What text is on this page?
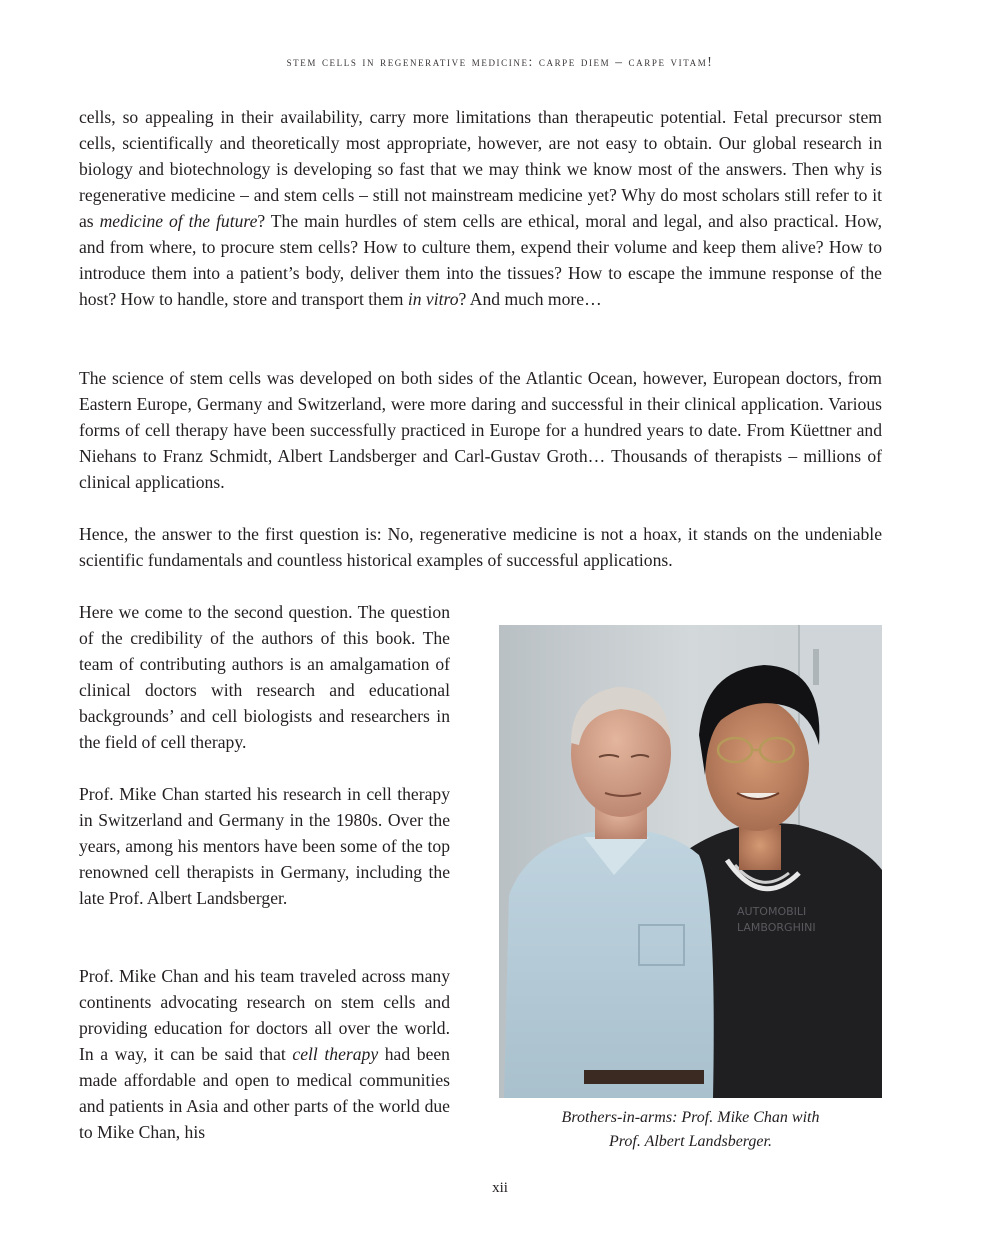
stem cells in regenerative medicine: carpe diem – carpe vitam!

cells, so appealing in their availability, carry more limitations than therapeutic potential. Fetal precursor stem cells, scientifically and theoretically most appropriate, however, are not easy to obtain. Our global research in biology and biotechnology is developing so fast that we may think we know most of the answers. Then why is regenerative medicine – and stem cells – still not mainstream medicine yet? Why do most scholars still refer to it as medicine of the future? The main hurdles of stem cells are ethical, moral and legal, and also practical. How, and from where, to procure stem cells? How to culture them, expend their volume and keep them alive? How to introduce them into a patient’s body, deliver them into the tissues? How to escape the immune response of the host? How to handle, store and transport them in vitro? And much more…

The science of stem cells was developed on both sides of the Atlantic Ocean, however, European doctors, from Eastern Europe, Germany and Switzerland, were more daring and successful in their clinical application. Various forms of cell therapy have been successfully practiced in Europe for a hundred years to date. From Küettner and Niehans to Franz Schmidt, Albert Landsberger and Carl-Gustav Groth… Thousands of therapists – millions of clinical applications.

Hence, the answer to the first question is: No, regenerative medicine is not a hoax, it stands on the undeniable scientific fundamentals and countless historical examples of successful applications.

Here we come to the second question. The question of the credibility of the authors of this book. The team of contributing authors is an amalgamation of clinical doctors with research and educational backgrounds’ and cell biologists and researchers in the field of cell therapy.

Prof. Mike Chan started his research in cell therapy in Switzerland and Germany in the 1980s. Over the years, among his mentors have been some of the top renowned cell therapists in Germany, including the late Prof. Albert Landsberger.

Prof. Mike Chan and his team traveled across many continents advocating research on stem cells and providing education for doctors all over the world. In a way, it can be said that cell therapy had been made affordable and open to medical communities and patients in Asia and other parts of the world due to Mike Chan, his

AUTOMOBILI
LAMBORGHINI
Brothers-in-arms: Prof. Mike Chan with
Prof. Albert Landsberger.
xii
